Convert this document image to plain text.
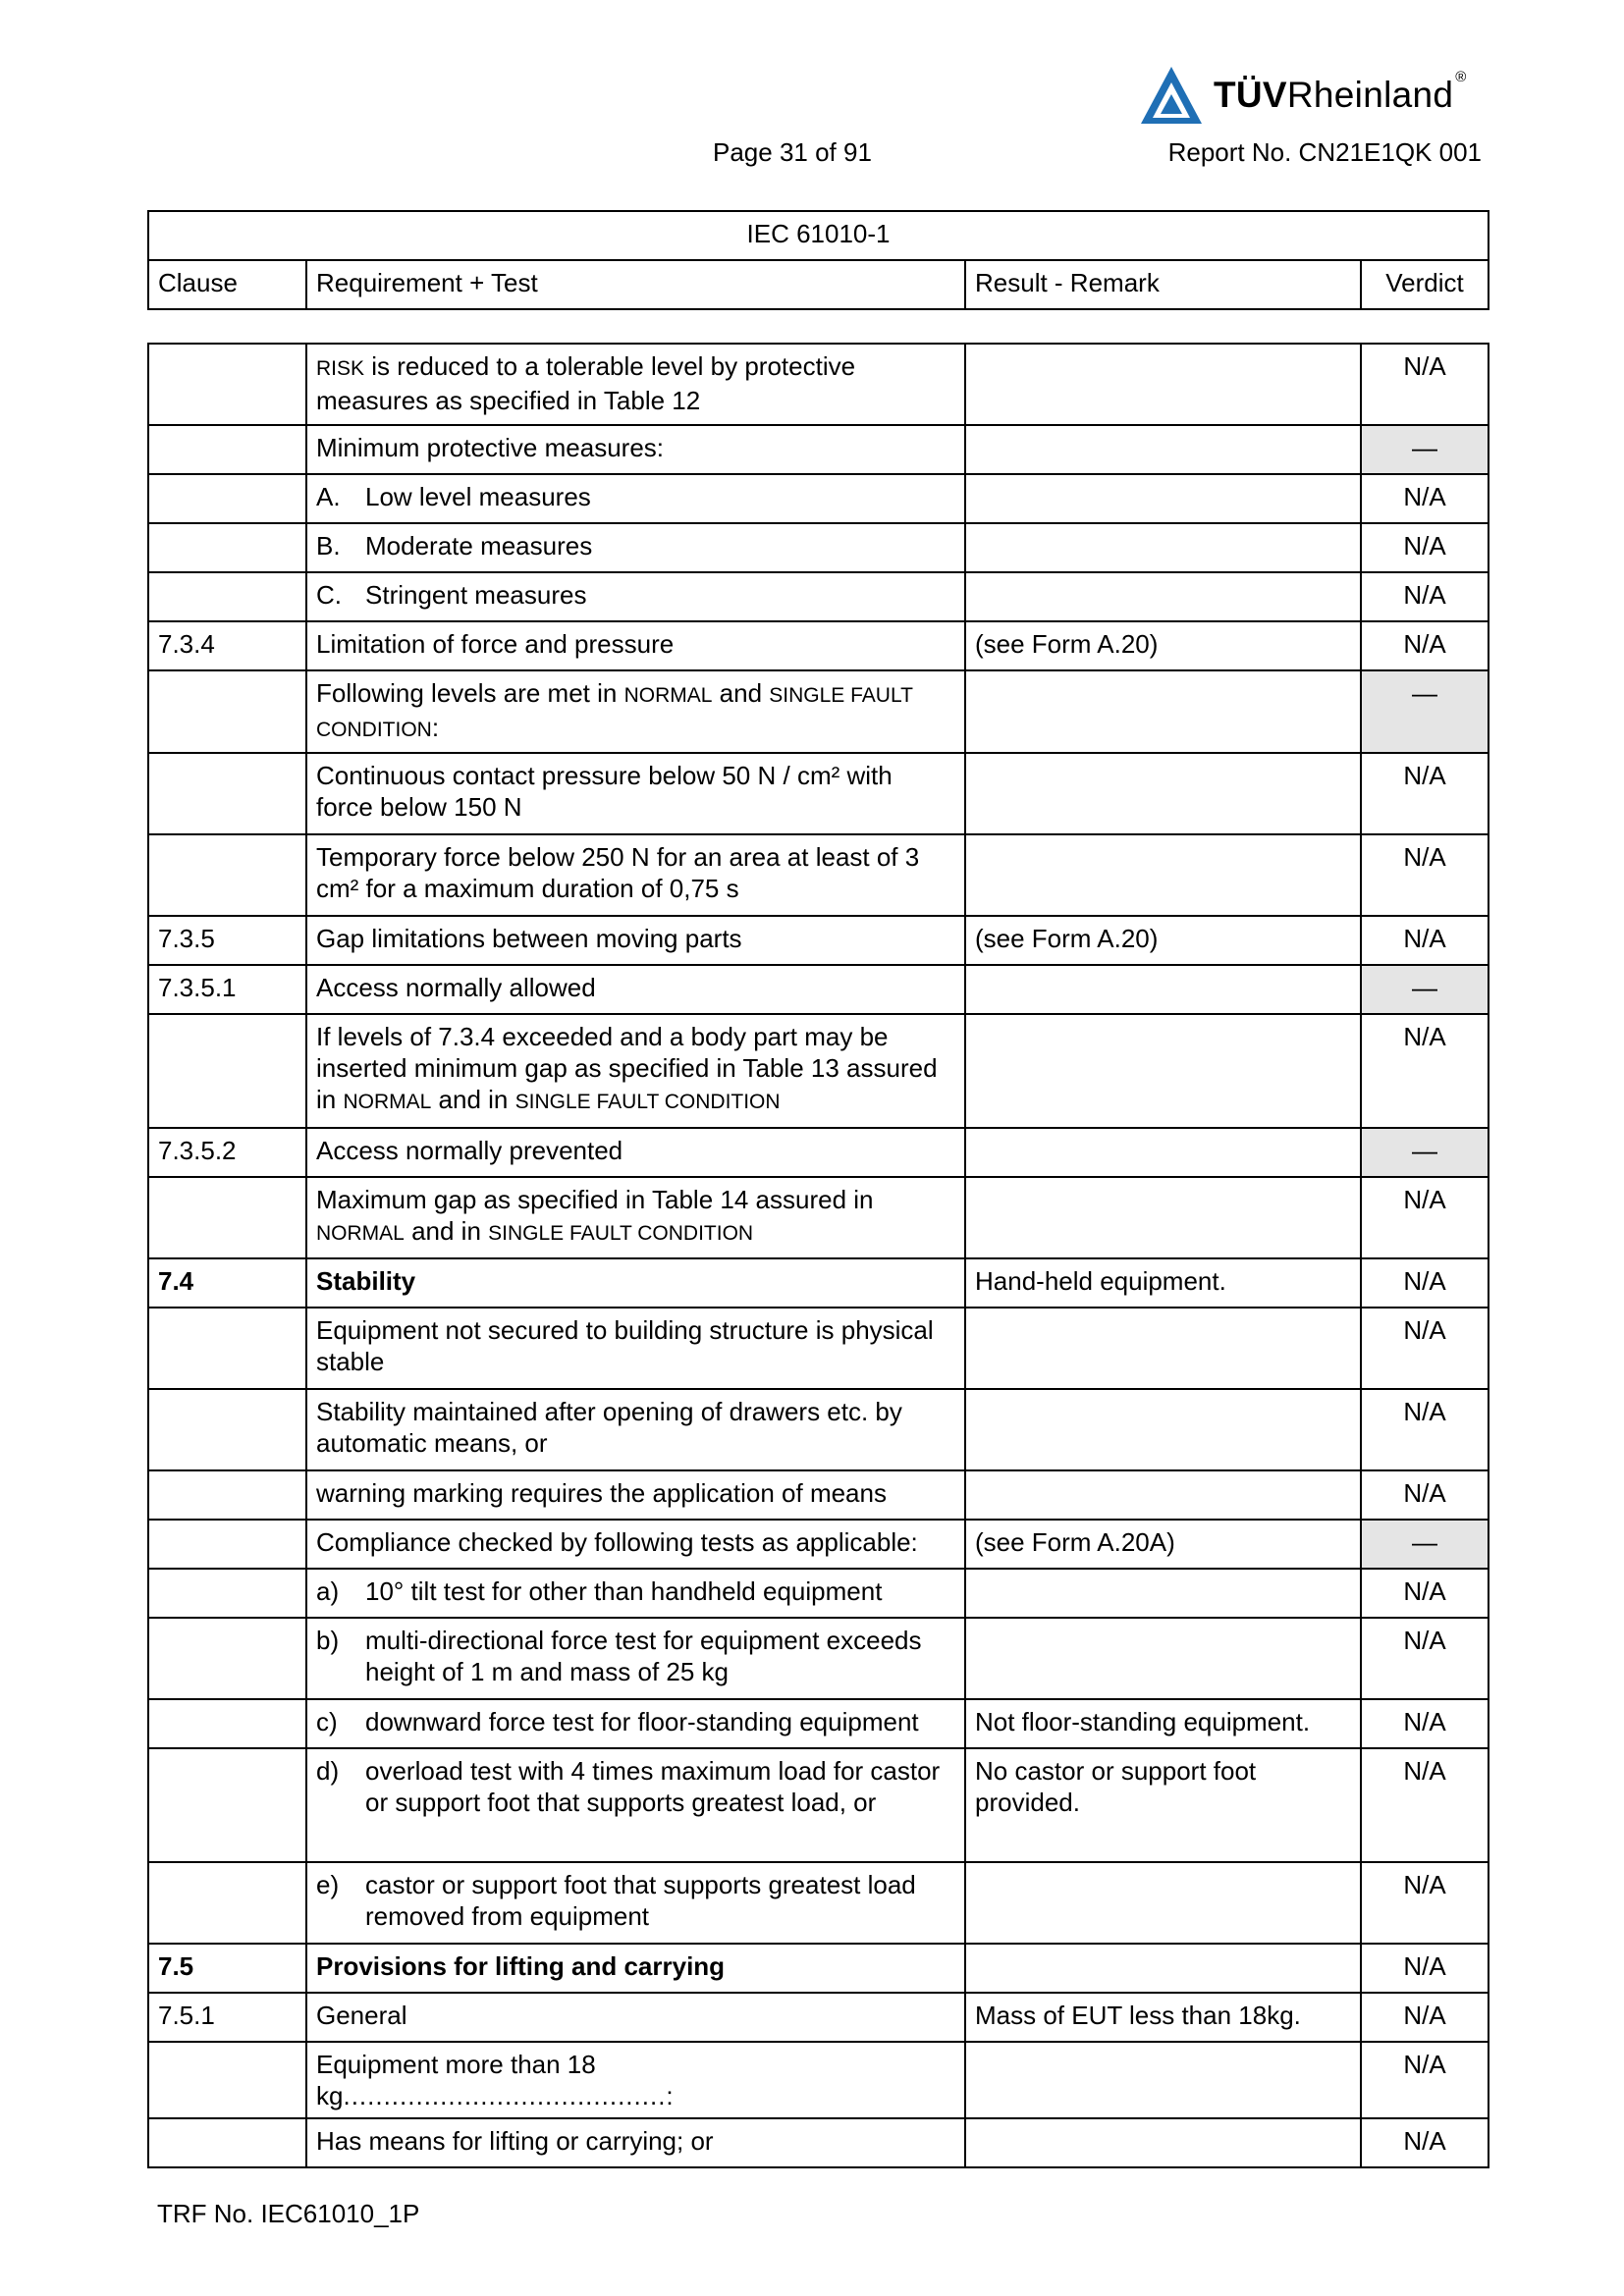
TÜVRheinland ®
Page 31 of 91	Report No. CN21E1QK 001
IEC 61010-1
Clause	Requirement + Test	Result - Remark	Verdict
	RISK is reduced to a tolerable level by protective measures as specified in Table 12		N/A
	Minimum protective measures:		—

	A. Low level measures		N/A

	B. Moderate measures		N/A

	C. Stringent measures		N/A
7.3.4	Limitation of force and pressure	(see Form A.20)	N/A
	Following levels are met in NORMAL and SINGLE FAULT CONDITION:		—
	Continuous contact pressure below 50 N / cm² with force below 150 N		N/A
	Temporary force below 250 N for an area at least of 3 cm² for a maximum duration of 0,75 s		N/A
7.3.5	Gap limitations between moving parts	(see Form A.20)	N/A
7.3.5.1	Access normally allowed		—
	If levels of 7.3.4 exceeded and a body part may be inserted minimum gap as specified in Table 13 assured in NORMAL and in SINGLE FAULT CONDITION		N/A
7.3.5.2	Access normally prevented		—
	Maximum gap as specified in Table 14 assured in NORMAL and in SINGLE FAULT CONDITION		N/A
7.4	Stability	Hand-held equipment.	N/A
	Equipment not secured to building structure is physical stable		N/A
	Stability maintained after opening of drawers etc. by automatic means, or		N/A
	warning marking requires the application of means		N/A
	Compliance checked by following tests as applicable:	(see Form A.20A)	—

	a) 10° tilt test for other than handheld equipment		N/A

	b) multi-directional force test for equipment exceeds height of 1 m and mass of 25 kg		N/A

	c) downward force test for floor-standing equipment	Not floor-standing equipment.	N/A

	d) overload test with 4 times maximum load for castor or support foot that supports greatest load, or	No castor or support foot provided.	N/A

	e) castor or support foot that supports greatest load removed from equipment		N/A
7.5	Provisions for lifting and carrying		N/A
7.5.1	General	Mass of EUT less than 18kg.	N/A
	Equipment more than 18 kg........................................:		N/A
	Has means for lifting or carrying; or		N/A
TRF No. IEC61010_1P
